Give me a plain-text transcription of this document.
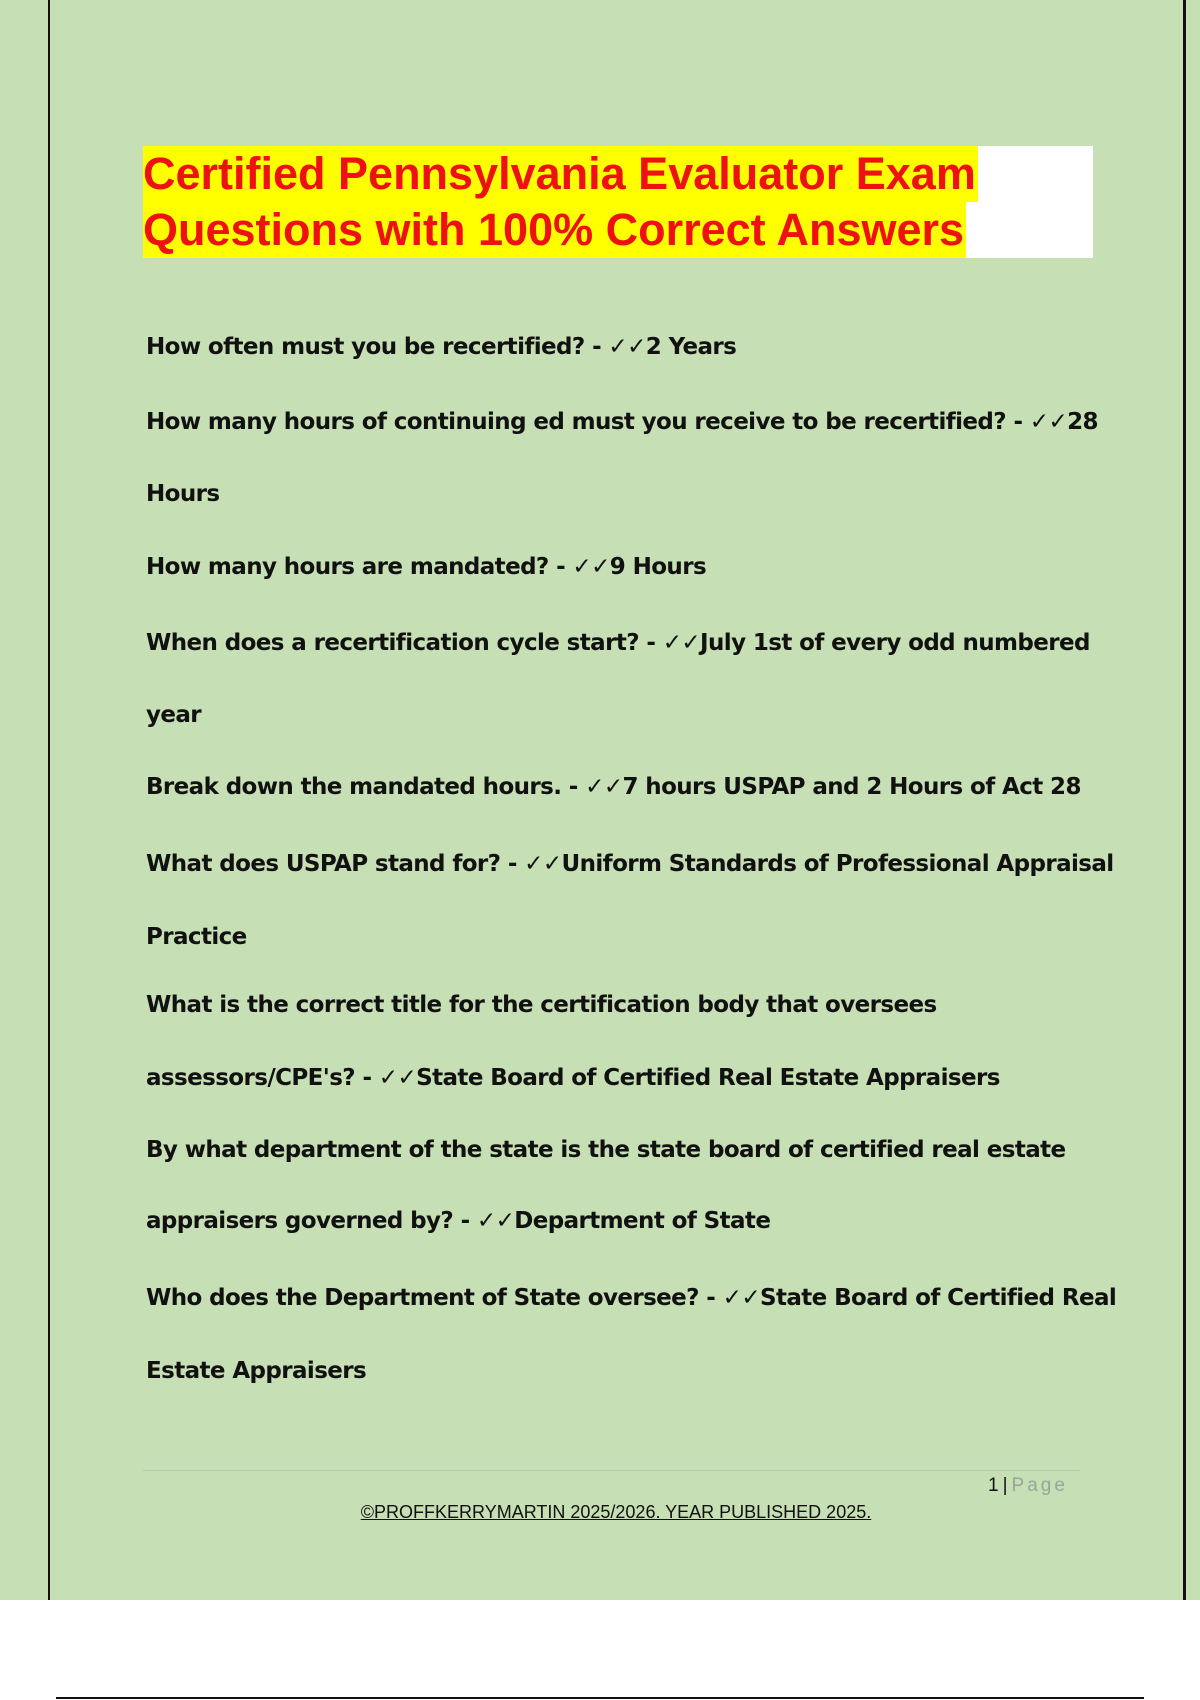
Certified Pennsylvania Evaluator Exam
Questions with 100% Correct Answers
How often must you be recertified? - ✓✓2 Years
How many hours of continuing ed must you receive to be recertified? - ✓✓28
Hours
How many hours are mandated? - ✓✓9 Hours
When does a recertification cycle start? - ✓✓July 1st of every odd numbered
year
Break down the mandated hours. - ✓✓7 hours USPAP and 2 Hours of Act 28
What does USPAP stand for? - ✓✓Uniform Standards of Professional Appraisal
Practice
What is the correct title for the certification body that oversees
assessors/CPE's? - ✓✓State Board of Certified Real Estate Appraisers
By what department of the state is the state board of certified real estate
appraisers governed by? - ✓✓Department of State
Who does the Department of State oversee? - ✓✓State Board of Certified Real
Estate Appraisers
1 | Page
©PROFFKERRYMARTIN 2025/2026. YEAR PUBLISHED 2025.
